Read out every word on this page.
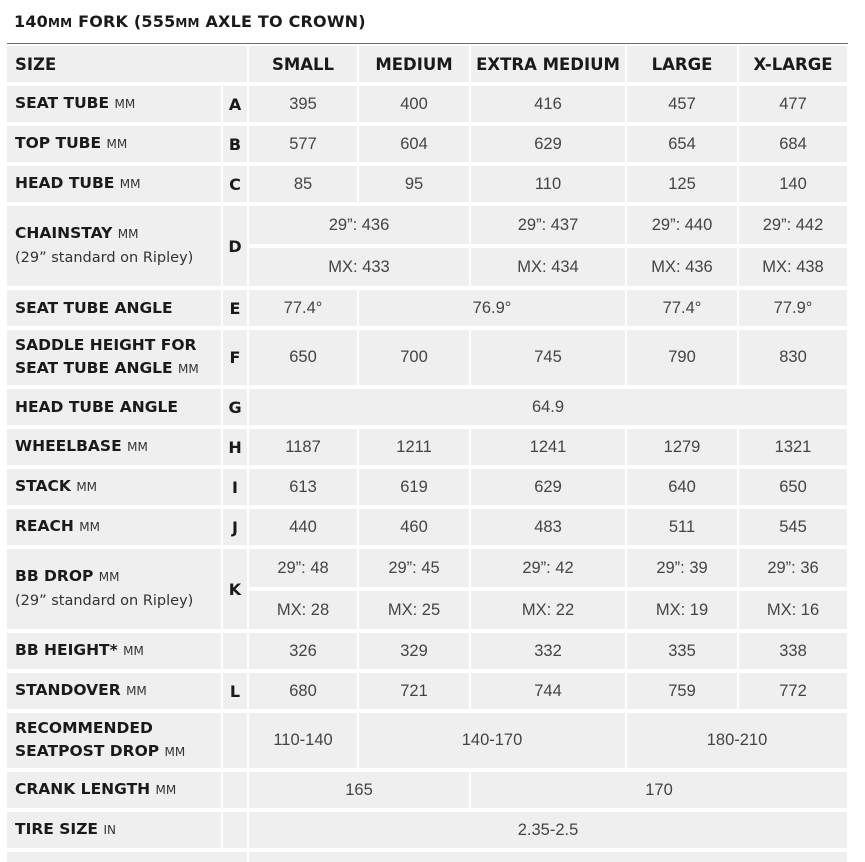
140MM FORK (555MM AXLE TO CROWN)
SIZE		SMALL	MEDIUM	EXTRA MEDIUM	LARGE	X-LARGE

SEAT TUBE MM	A	395	400	416	457	477

TOP TUBE MM	B	577	604	629	654	684

HEAD TUBE MM	C	85	95	110	125	140

CHAINSTAY MM
(29” standard on Ripley)	D	29”: 436		29”: 437	29”: 440	29”: 442

		MX: 433		MX: 434	MX: 436	MX: 438

SEAT TUBE ANGLE	E	77.4°	76.9°		77.4°	77.9°

SADDLE HEIGHT FOR
SEAT TUBE ANGLE MM	F	650	700	745	790	830

HEAD TUBE ANGLE	G	64.9				

WHEELBASE MM	H	1187	1211	1241	1279	1321

STACK MM	I	613	619	629	640	650

REACH MM	J	440	460	483	511	545

BB DROP MM
(29” standard on Ripley)	K	29”: 48	29”: 45	29”: 42	29”: 39	29”: 36

		MX: 28	MX: 25	MX: 22	MX: 19	MX: 16

BB HEIGHT* MM		326	329	332	335	338

STANDOVER MM	L	680	721	744	759	772

RECOMMENDED
SEATPOST DROP MM		110-140	140-170		180-210	

CRANK LENGTH MM		165		170		

TIRE SIZE IN		2.35-2.5				
